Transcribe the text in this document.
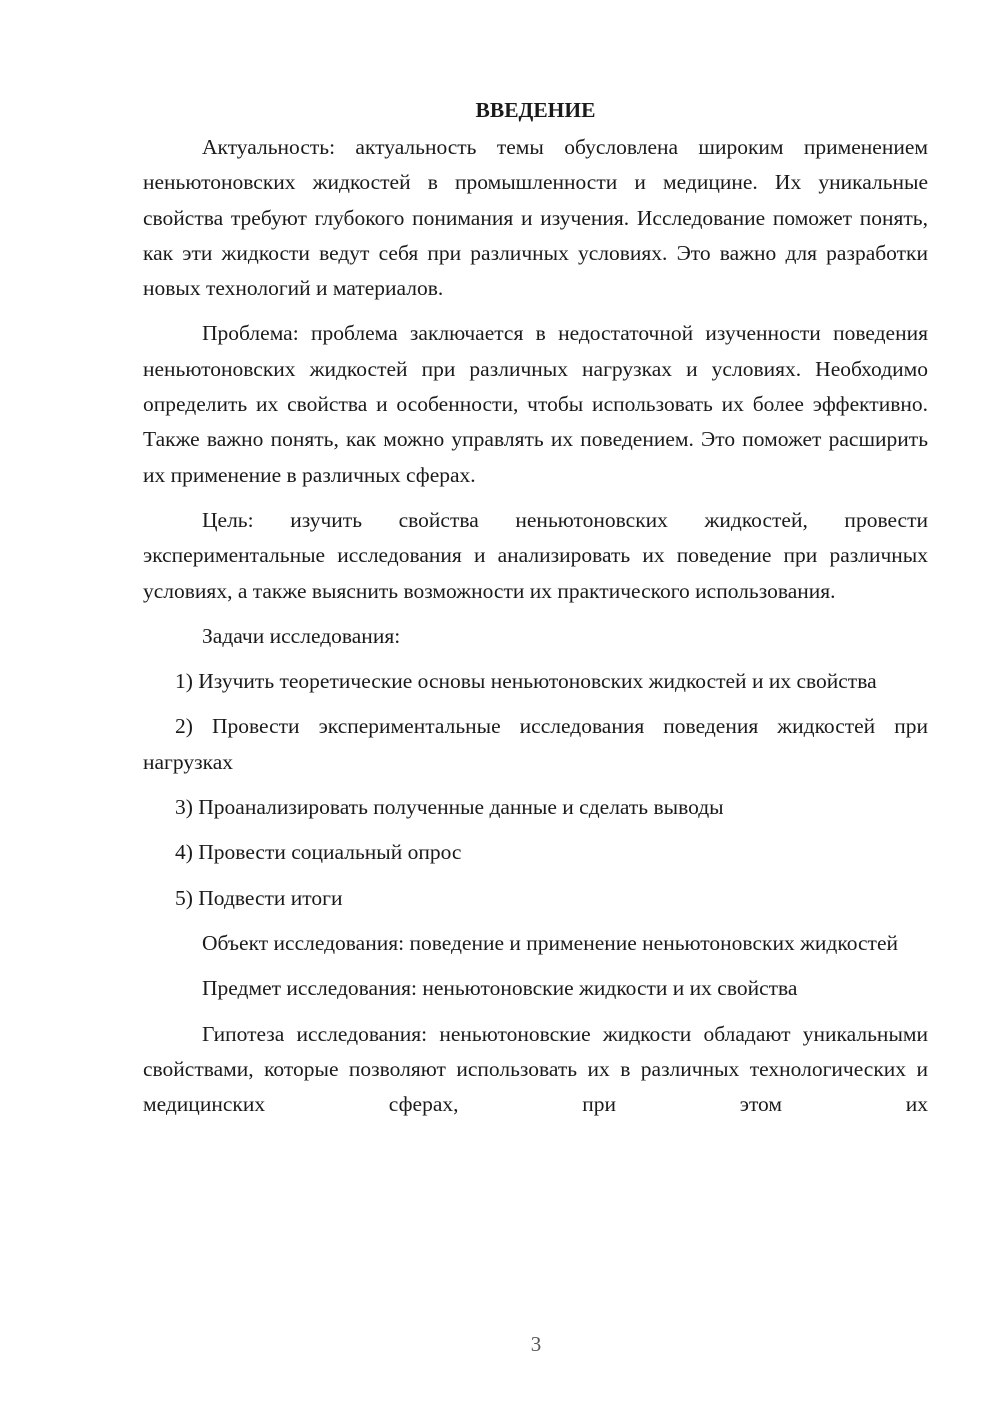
ВВЕДЕНИЕ

Актуальность: актуальность темы обусловлена широким применением неньютоновских жидкостей в промышленности и медицине. Их уникальные свойства требуют глубокого понимания и изучения. Исследование поможет понять, как эти жидкости ведут себя при различных условиях. Это важно для разработки новых технологий и материалов.

Проблема: проблема заключается в недостаточной изученности поведения неньютоновских жидкостей при различных нагрузках и условиях. Необходимо определить их свойства и особенности, чтобы использовать их более эффективно. Также важно понять, как можно управлять их поведением. Это поможет расширить их применение в различных сферах.

Цель: изучить свойства неньютоновских жидкостей, провести экспериментальные исследования и анализировать их поведение при различных условиях, а также выяснить возможности их практического использования.

Задачи исследования:

1) Изучить теоретические основы неньютоновских жидкостей и их свойства

2) Провести экспериментальные исследования поведения жидкостей при нагрузках

3) Проанализировать полученные данные и сделать выводы

4) Провести социальный опрос

5) Подвести итоги

Объект исследования: поведение и применение неньютоновских жидкостей

Предмет исследования: неньютоновские жидкости и их свойства

Гипотеза исследования: неньютоновские жидкости обладают уникальными свойствами, которые позволяют использовать их в различных технологических и медицинских сферах, при этом их

3
